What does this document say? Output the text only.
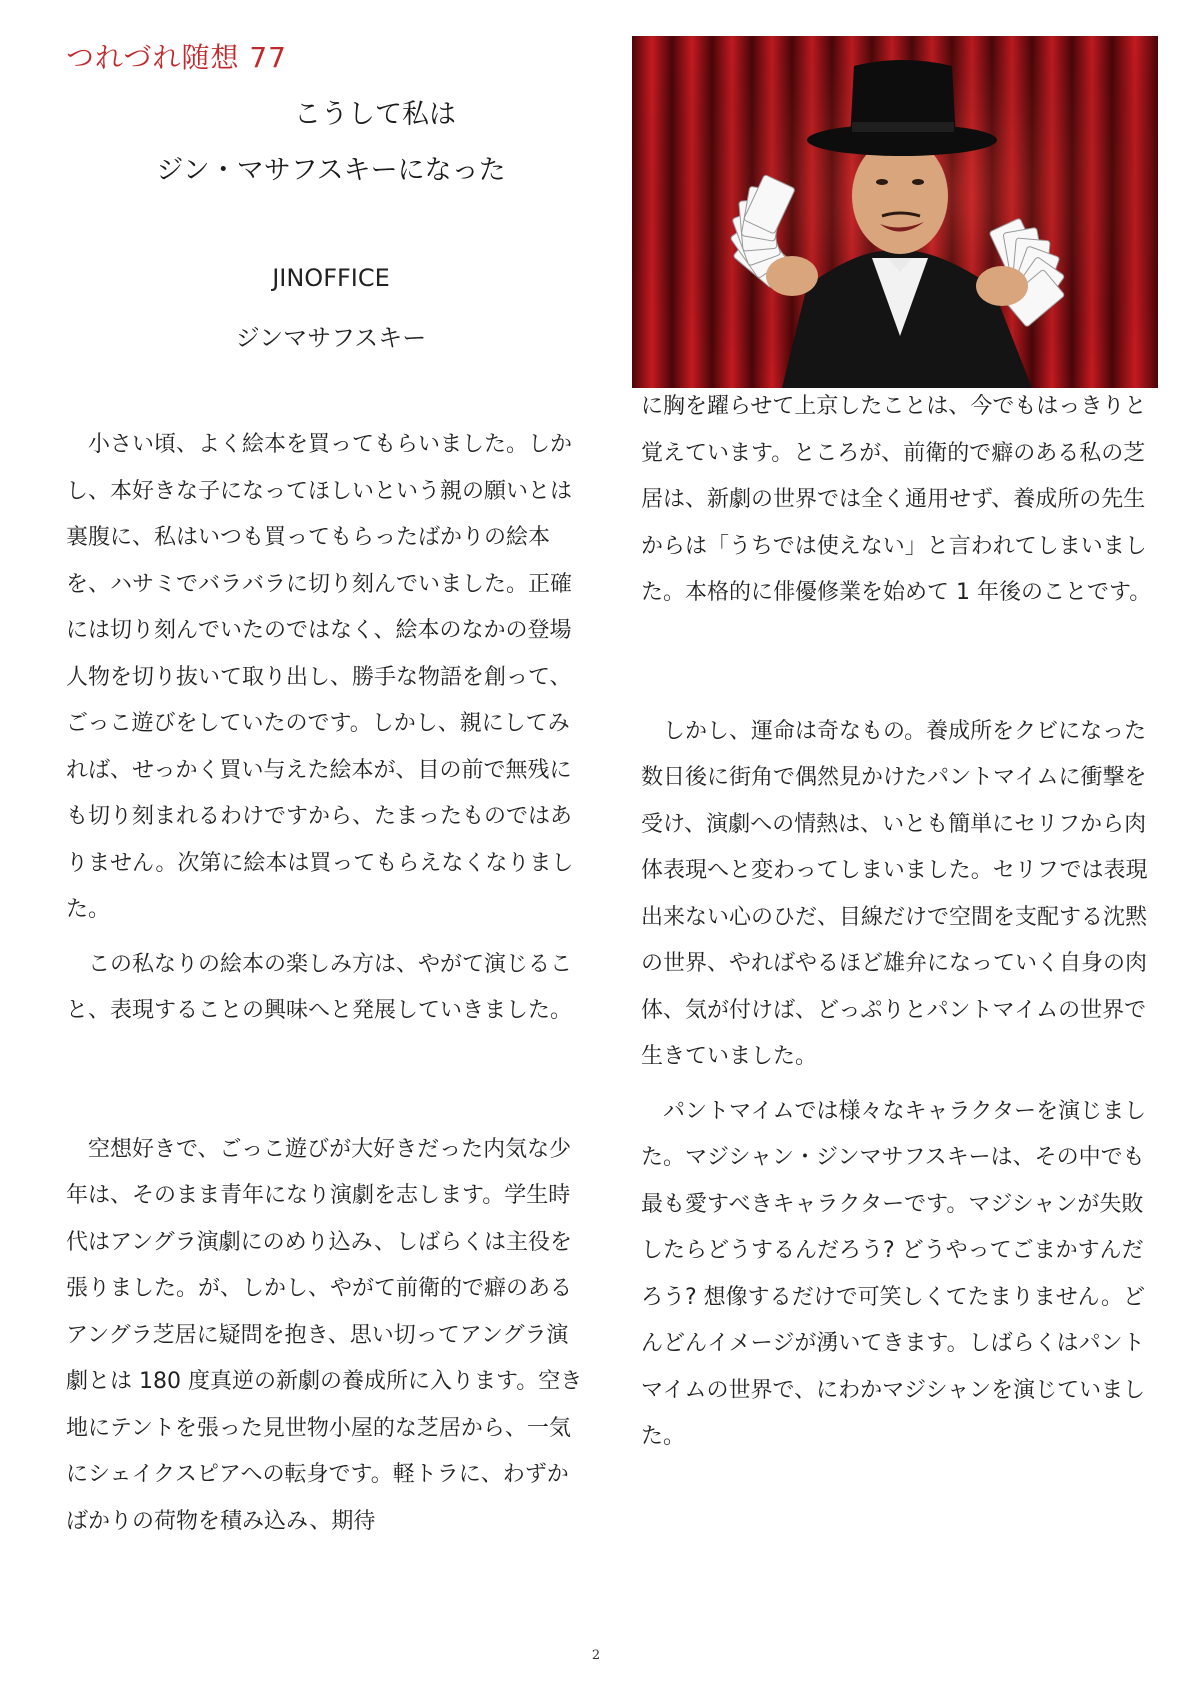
つれづれ随想 77
こうして私は
ジン・マサフスキーになった
JINOFFICE
ジンマサフスキー

小さい頃、よく絵本を買ってもらいました。しかし、本好きな子になってほしいという親の願いとは裏腹に、私はいつも買ってもらったばかりの絵本を、ハサミでバラバラに切り刻んでいました。正確には切り刻んでいたのではなく、絵本のなかの登場人物を切り抜いて取り出し、勝手な物語を創って、ごっこ遊びをしていたのです。しかし、親にしてみれば、せっかく買い与えた絵本が、目の前で無残にも切り刻まれるわけですから、たまったものではありません。次第に絵本は買ってもらえなくなりました。

この私なりの絵本の楽しみ方は、やがて演じること、表現することの興味へと発展していきました。

空想好きで、ごっこ遊びが大好きだった内気な少年は、そのまま青年になり演劇を志します。学生時代はアングラ演劇にのめり込み、しばらくは主役を張りました。が、しかし、やがて前衛的で癖のあるアングラ芝居に疑問を抱き、思い切ってアングラ演劇とは 180 度真逆の新劇の養成所に入ります。空き地にテントを張った見世物小屋的な芝居から、一気にシェイクスピアへの転身です。軽トラに、わずかばかりの荷物を積み込み、期待

に胸を躍らせて上京したことは、今でもはっきりと覚えています。ところが、前衛的で癖のある私の芝居は、新劇の世界では全く通用せず、養成所の先生からは「うちでは使えない」と言われてしまいました。本格的に俳優修業を始めて 1 年後のことです。

しかし、運命は奇なもの。養成所をクビになった数日後に街角で偶然見かけたパントマイムに衝撃を受け、演劇への情熱は、いとも簡単にセリフから肉体表現へと変わってしまいました。セリフでは表現出来ない心のひだ、目線だけで空間を支配する沈黙の世界、やればやるほど雄弁になっていく自身の肉体、気が付けば、どっぷりとパントマイムの世界で生きていました。

パントマイムでは様々なキャラクターを演じました。マジシャン・ジンマサフスキーは、その中でも最も愛すべきキャラクターです。マジシャンが失敗したらどうするんだろう? どうやってごまかすんだろう? 想像するだけで可笑しくてたまりません。どんどんイメージが湧いてきます。しばらくはパントマイムの世界で、にわかマジシャンを演じていました。

2
